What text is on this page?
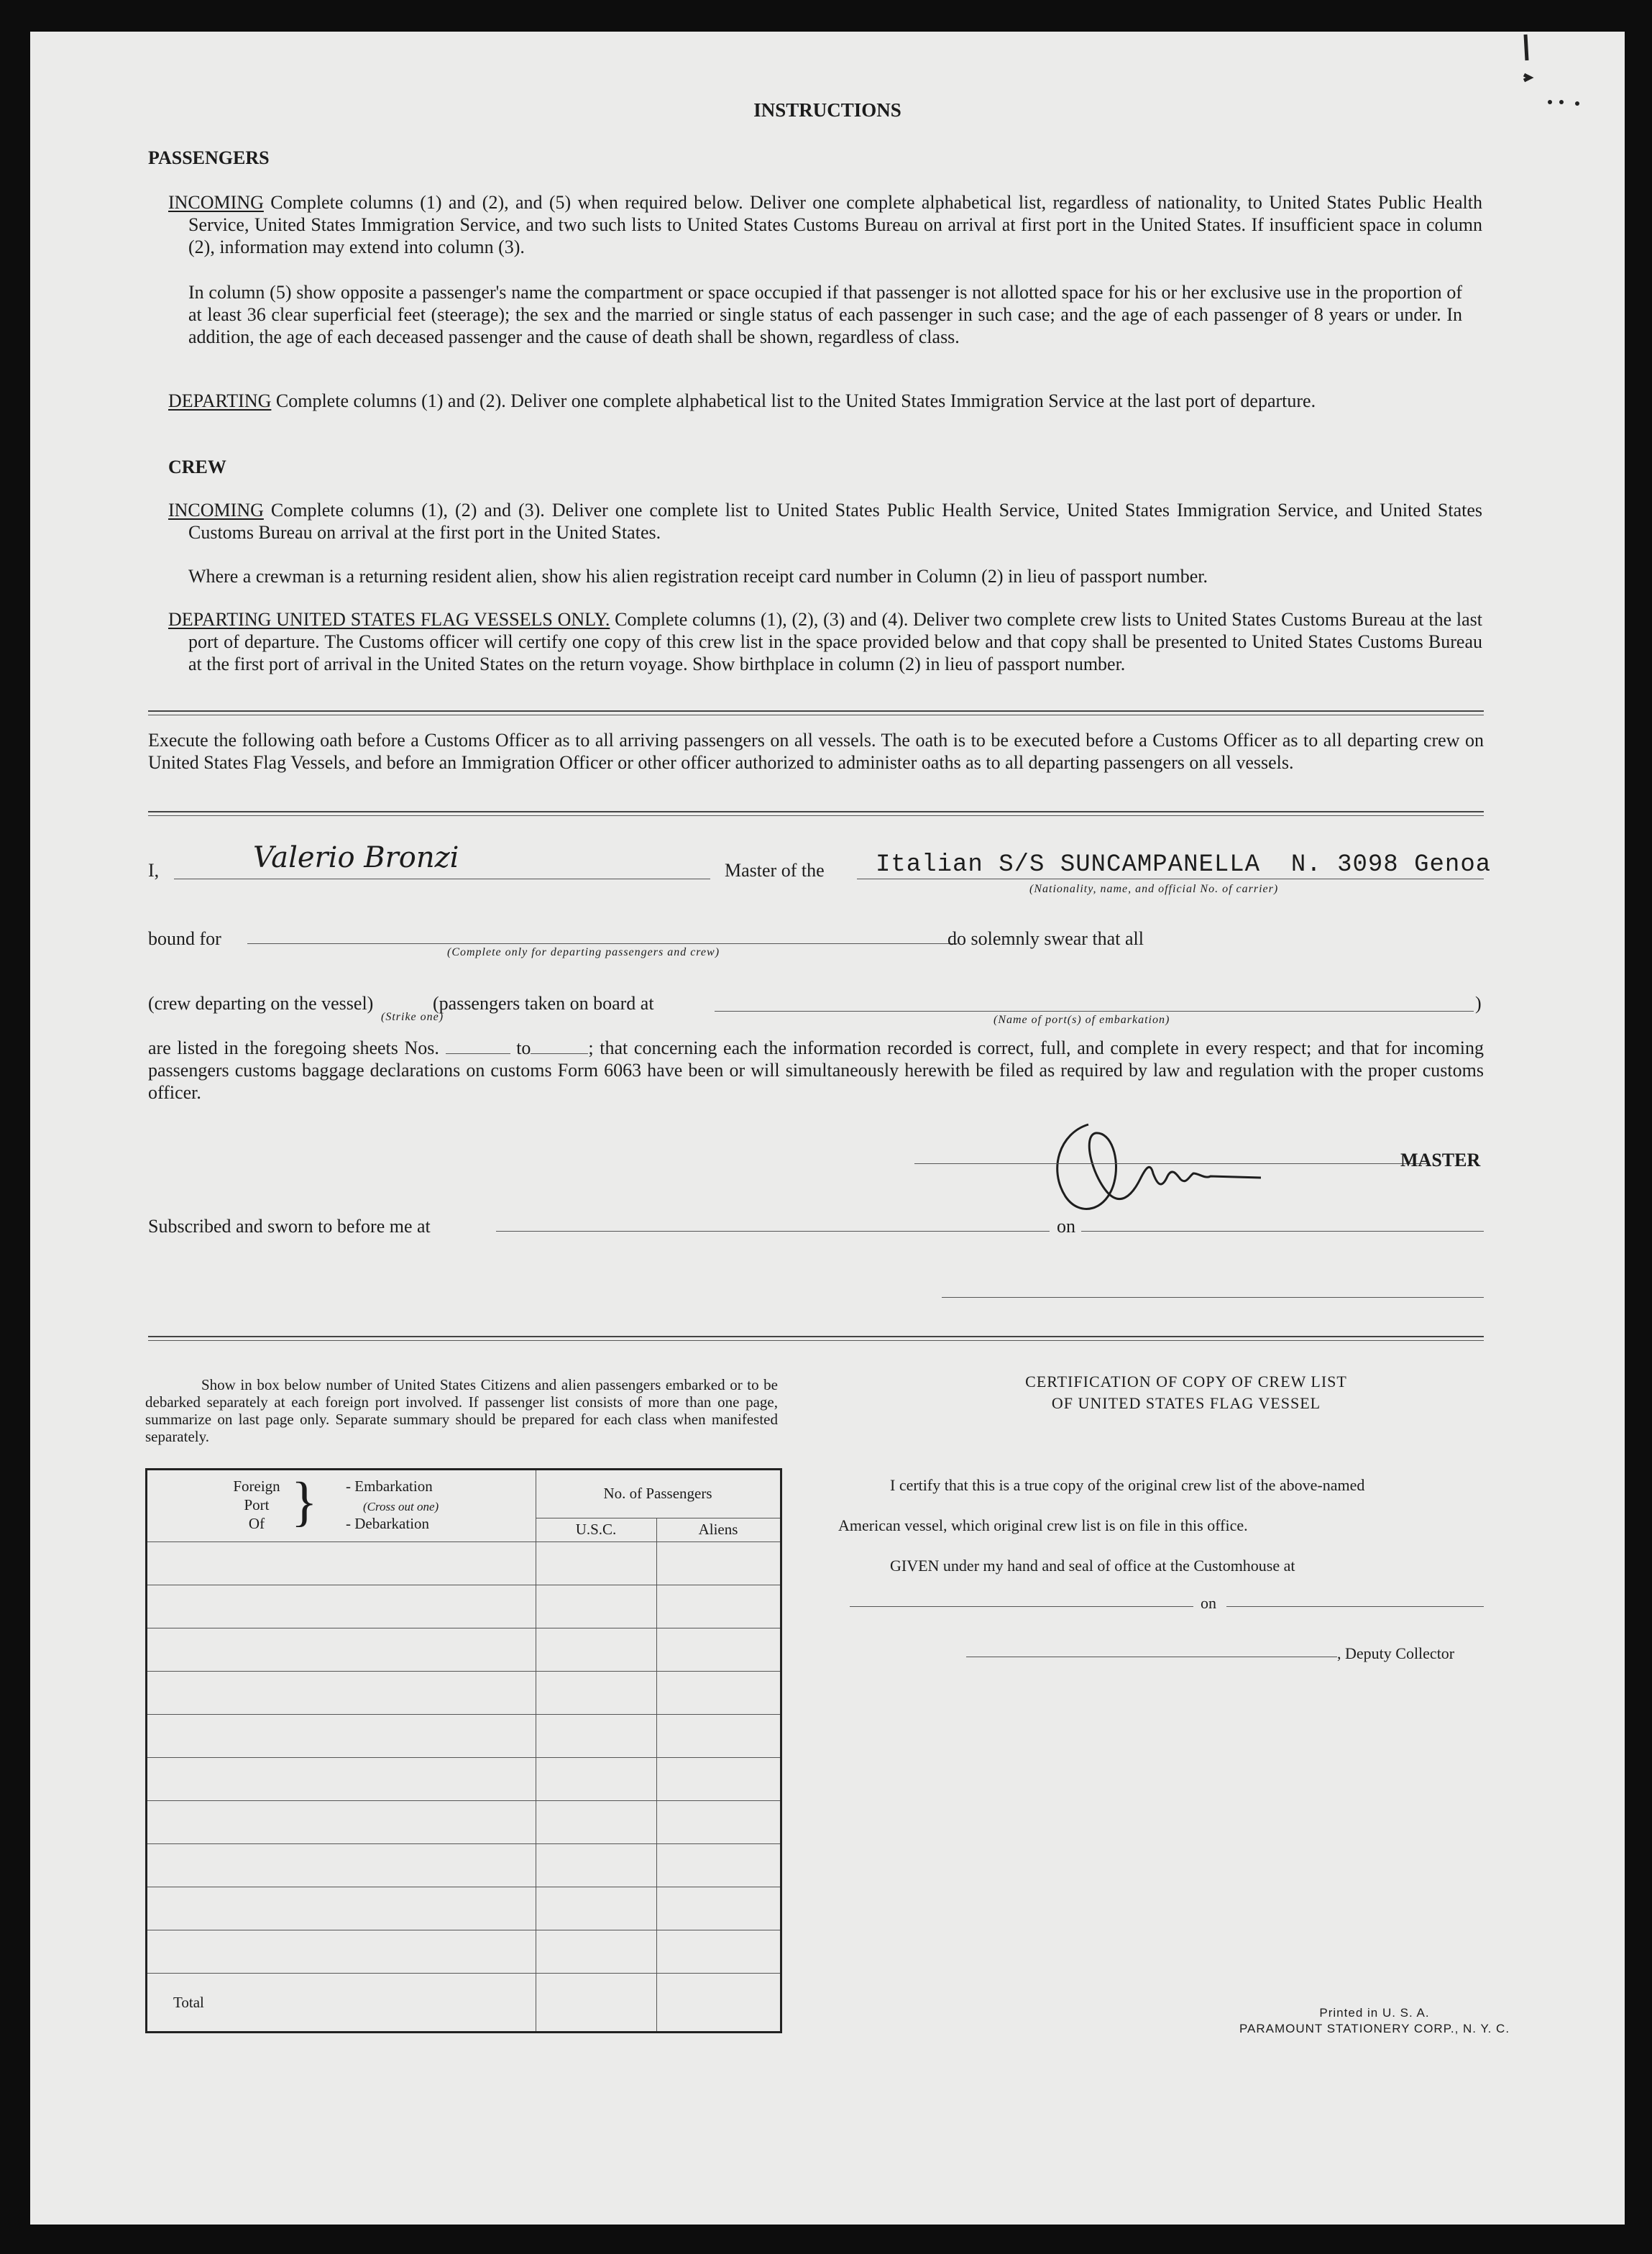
INSTRUCTIONS
PASSENGERS
INCOMING Complete columns (1) and (2), and (5) when required below. Deliver one complete alphabetical list, regardless of nationality, to United States Public Health Service, United States Immigration Service, and two such lists to United States Customs Bureau on arrival at first port in the United States. If insufficient space in column (2), information may extend into column (3).
In column (5) show opposite a passenger's name the compartment or space occupied if that passenger is not allotted space for his or her exclusive use in the proportion of at least 36 clear superficial feet (steerage); the sex and the married or single status of each passenger in such case; and the age of each passenger of 8 years or under. In addition, the age of each deceased passenger and the cause of death shall be shown, regardless of class.
DEPARTING Complete columns (1) and (2). Deliver one complete alphabetical list to the United States Immigration Service at the last port of departure.
CREW
INCOMING Complete columns (1), (2) and (3). Deliver one complete list to United States Public Health Service, United States Immigration Service, and United States Customs Bureau on arrival at the first port in the United States.
Where a crewman is a returning resident alien, show his alien registration receipt card number in Column (2) in lieu of passport number.
DEPARTING UNITED STATES FLAG VESSELS ONLY. Complete columns (1), (2), (3) and (4). Deliver two complete crew lists to United States Customs Bureau at the last port of departure. The Customs officer will certify one copy of this crew list in the space provided below and that copy shall be presented to United States Customs Bureau at the first port of arrival in the United States on the return voyage. Show birthplace in column (2) in lieu of passport number.
Execute the following oath before a Customs Officer as to all arriving passengers on all vessels. The oath is to be executed before a Customs Officer as to all departing crew on United States Flag Vessels, and before an Immigration Officer or other officer authorized to administer oaths as to all departing passengers on all vessels.
I,	Valerio Bronzi	Master of the Italian S/S SUNCAMPANELLA  N. 3098 Genoa
(Nationality, name, and official No. of carrier)
bound for
(Complete only for departing passengers and crew)
do solemnly swear that all
(crew departing on the vessel)	(passengers taken on board at
(Strike one)	(Name of port(s) of embarkation)
)
are listed in the foregoing sheets Nos.	to	; that concerning each the information recorded is correct, full, and complete in every respect; and that for incoming passengers customs baggage declarations on customs Form 6063 have been or will simultaneously herewith be filed as required by law and regulation with the proper customs officer.
MASTER
Subscribed and sworn to before me at	on
Show in box below number of United States Citizens and alien passengers embarked or to be debarked separately at each foreign port involved. If passenger list consists of more than one page, summarize on last page only. Separate summary should be prepared for each class when manifested separately.
Foreign
Port
Of } - Embarkation
(Cross out one)
- Debarkation
No. of Passengers
U.S.C.	Aliens
Total
CERTIFICATION OF COPY OF CREW LIST
OF UNITED STATES FLAG VESSEL
I certify that this is a true copy of the original crew list of the above-named
American vessel, which original crew list is on file in this office.
GIVEN under my hand and seal of office at the Customhouse at
on
, Deputy Collector
Printed in U. S. A.
PARAMOUNT STATIONERY CORP., N. Y. C.
